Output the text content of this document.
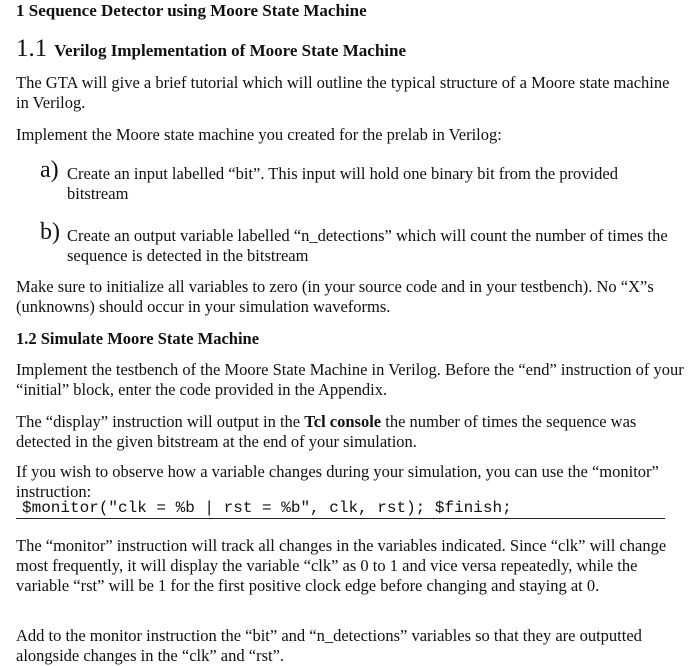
1 Sequence Detector using Moore State Machine
1.1 Verilog Implementation of Moore State Machine
The GTA will give a brief tutorial which will outline the typical structure of a Moore state machine in Verilog.
Implement the Moore state machine you created for the prelab in Verilog:
a) Create an input labelled “bit”. This input will hold one binary bit from the provided bitstream
b) Create an output variable labelled “n_detections” which will count the number of times the sequence is detected in the bitstream
Make sure to initialize all variables to zero (in your source code and in your testbench). No “X”s (unknowns) should occur in your simulation waveforms.
1.2 Simulate Moore State Machine
Implement the testbench of the Moore State Machine in Verilog. Before the “end” instruction of your “initial” block, enter the code provided in the Appendix.
The “display” instruction will output in the Tcl console the number of times the sequence was detected in the given bitstream at the end of your simulation.
If you wish to observe how a variable changes during your simulation, you can use the “monitor” instruction:
$monitor("clk = %b | rst = %b", clk, rst); $finish;
The “monitor” instruction will track all changes in the variables indicated. Since “clk” will change most frequently, it will display the variable “clk” as 0 to 1 and vice versa repeatedly, while the variable “rst” will be 1 for the first positive clock edge before changing and staying at 0.
Add to the monitor instruction the “bit” and “n_detections” variables so that they are outputted alongside changes in the “clk” and “rst”.
